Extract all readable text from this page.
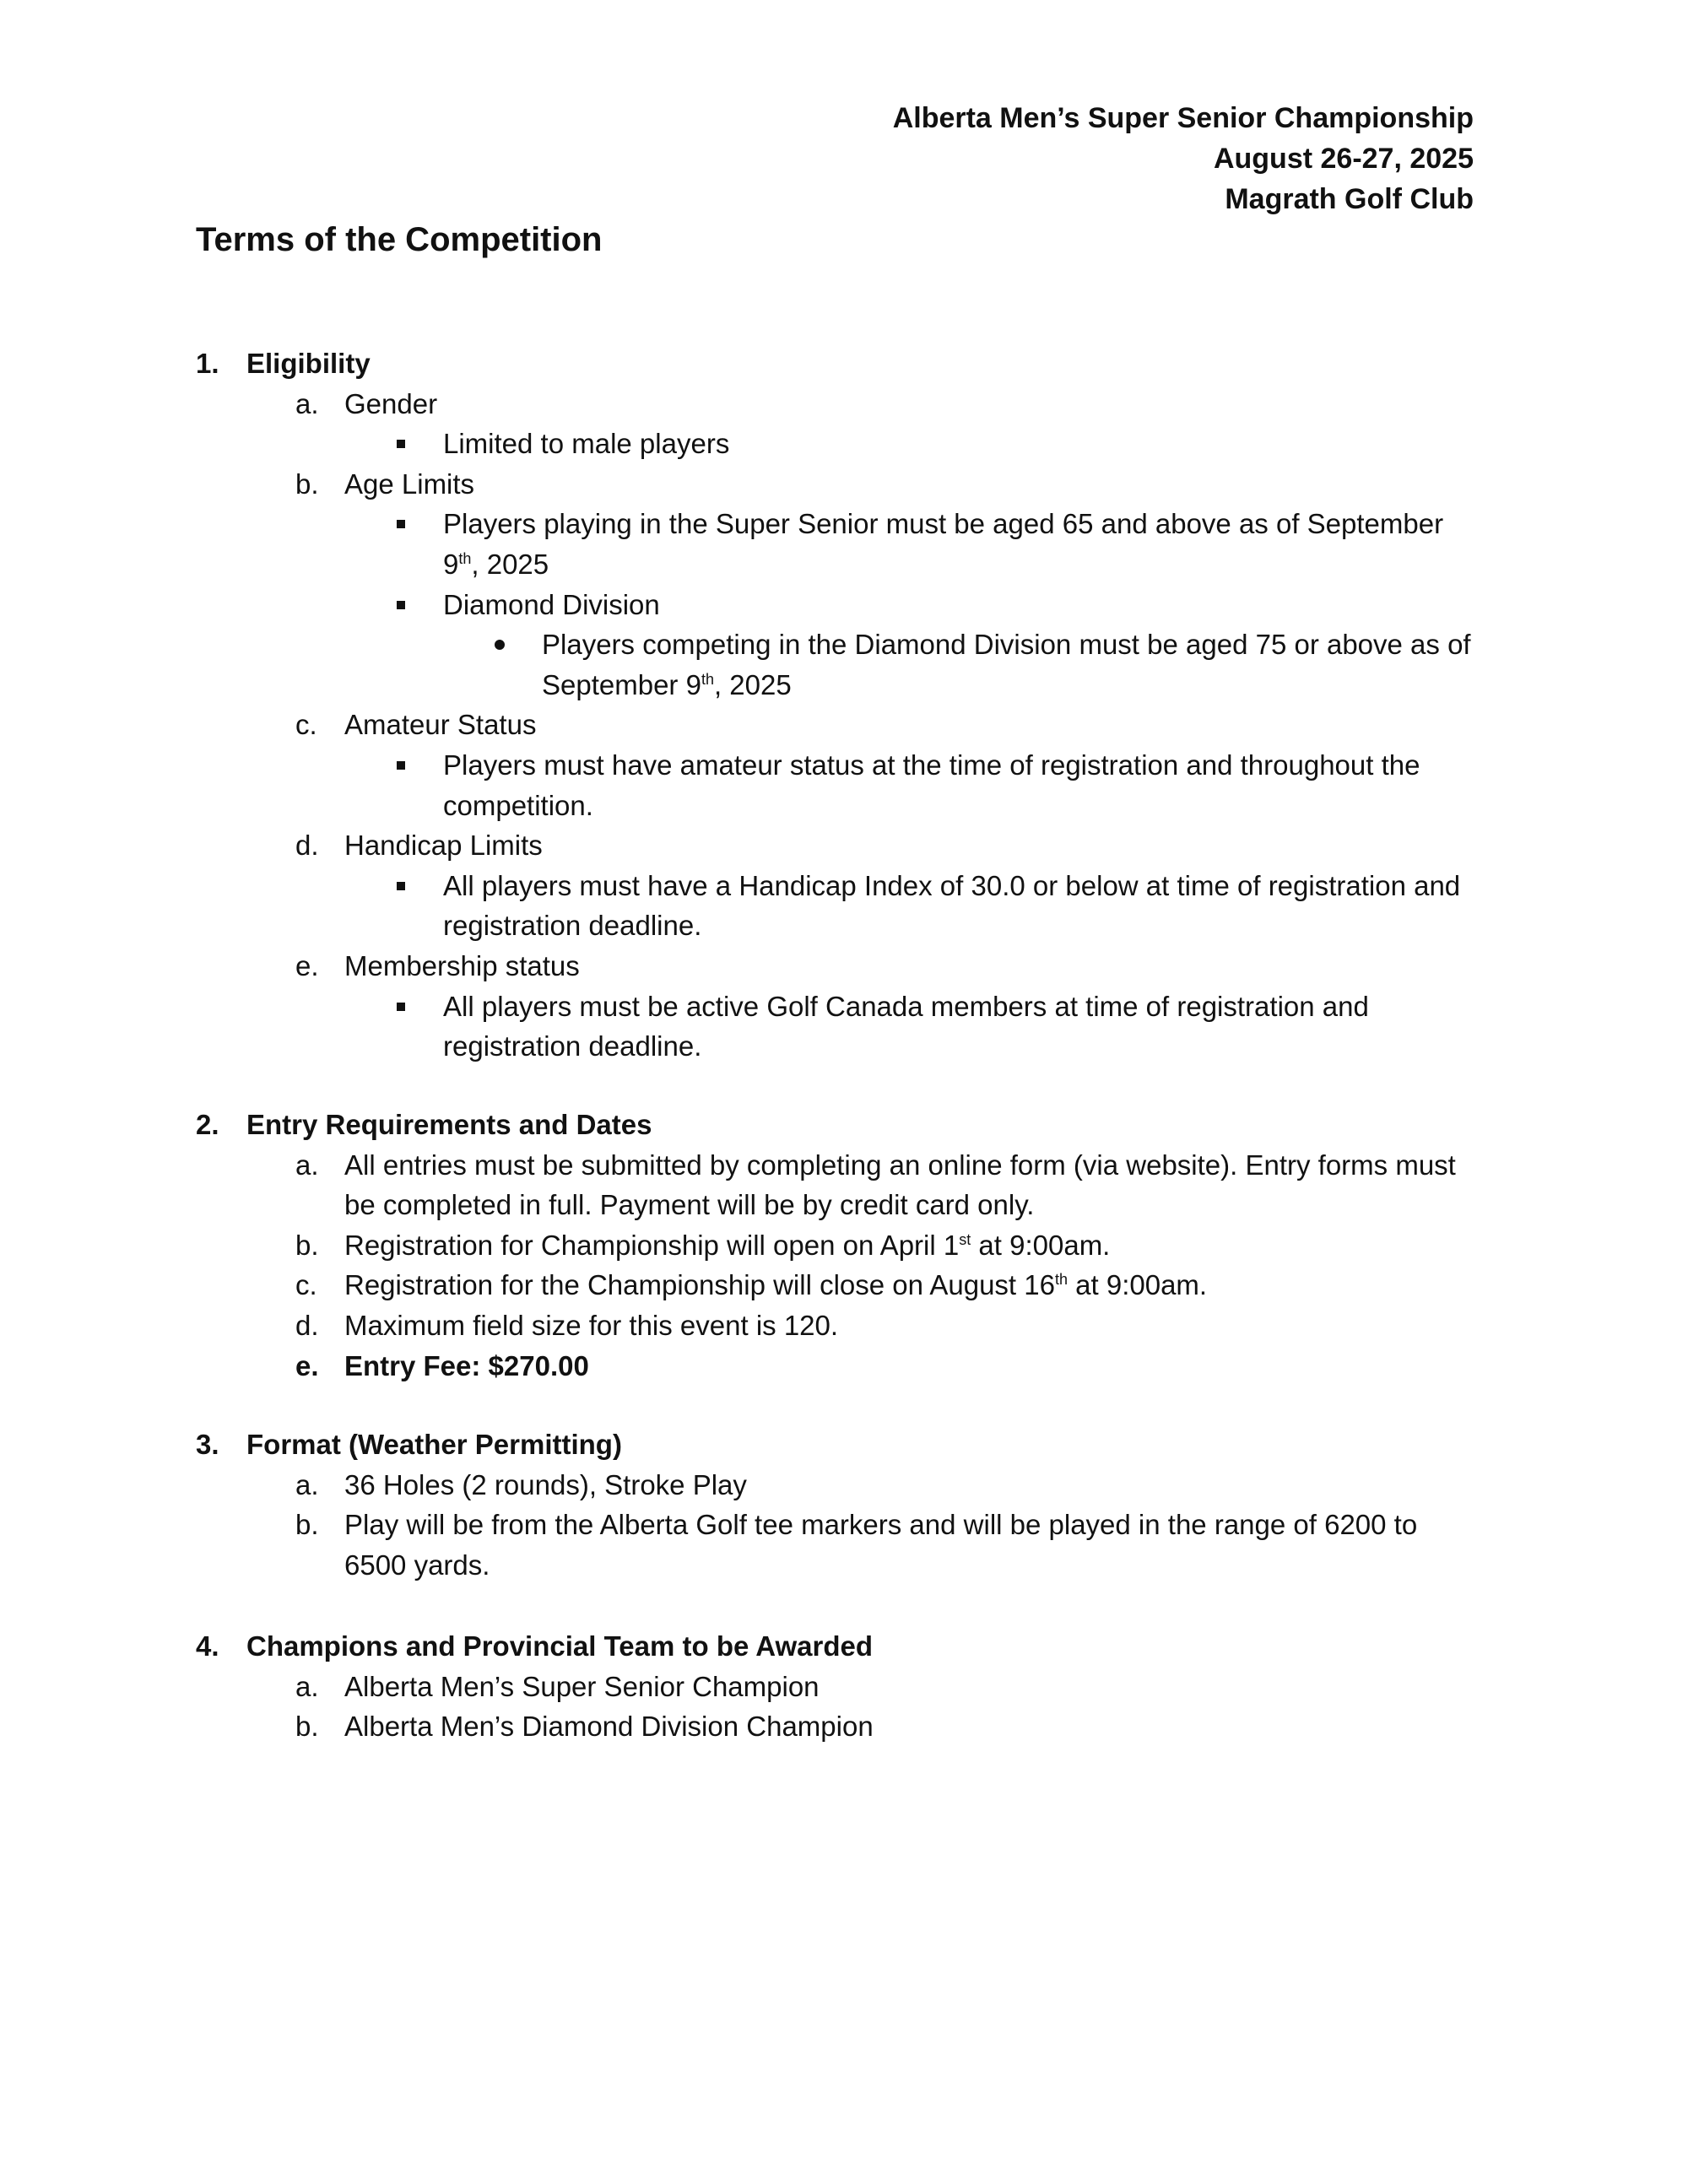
Alberta Men’s Super Senior Championship
August 26-27, 2025
Magrath Golf Club
Terms of the Competition
1. Eligibility
a. Gender
Limited to male players
b. Age Limits
Players playing in the Super Senior must be aged 65 and above as of September 9th, 2025
Diamond Division
Players competing in the Diamond Division must be aged 75 or above as of September 9th, 2025
c. Amateur Status
Players must have amateur status at the time of registration and throughout the competition.
d. Handicap Limits
All players must have a Handicap Index of 30.0 or below at time of registration and registration deadline.
e. Membership status
All players must be active Golf Canada members at time of registration and registration deadline.
2. Entry Requirements and Dates
a. All entries must be submitted by completing an online form (via website). Entry forms must be completed in full. Payment will be by credit card only.
b. Registration for Championship will open on April 1st at 9:00am.
c. Registration for the Championship will close on August 16th at 9:00am.
d. Maximum field size for this event is 120.
e. Entry Fee: $270.00
3. Format (Weather Permitting)
a. 36 Holes (2 rounds), Stroke Play
b. Play will be from the Alberta Golf tee markers and will be played in the range of 6200 to 6500 yards.
4. Champions and Provincial Team to be Awarded
a. Alberta Men’s Super Senior Champion
b. Alberta Men’s Diamond Division Champion
